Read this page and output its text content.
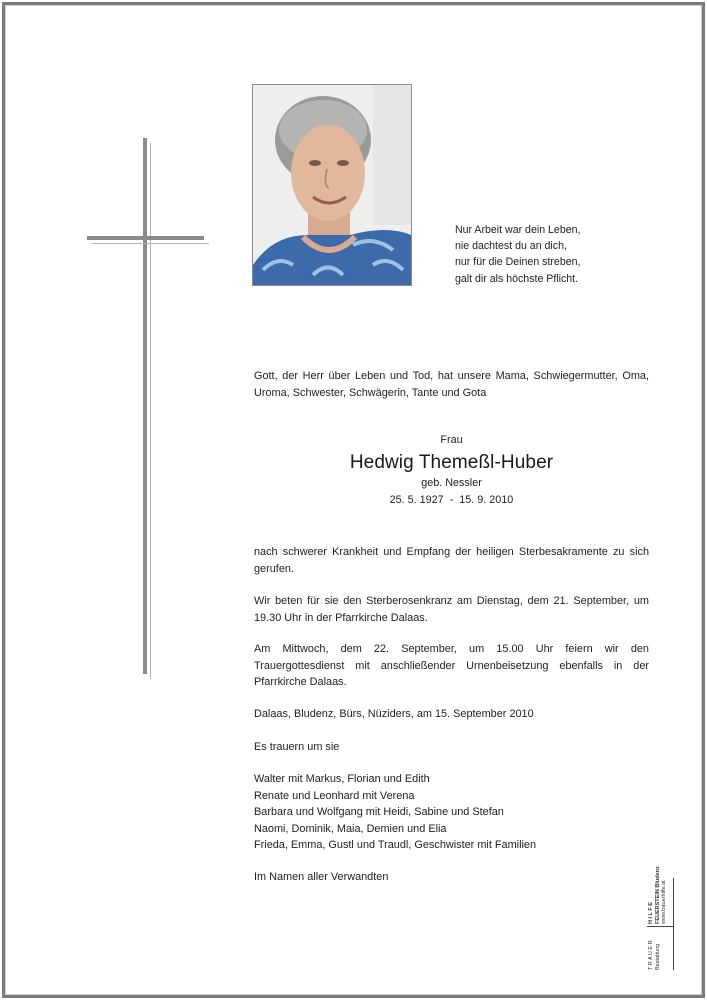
Nur Arbeit war dein Leben,
nie dachtest du an dich,
nur für die Deinen streben,
galt dir als höchste Pflicht.
Gott, der Herr über Leben und Tod, hat unsere Mama, Schwiegermutter, Oma, Uroma, Schwester, Schwägerin, Tante und Gota
Frau
Hedwig Themeßl-Huber
geb. Nessler
25. 5. 1927  -  15. 9. 2010
nach schwerer Krankheit und Empfang der heiligen Sterbesakramente zu sich gerufen.
Wir beten für sie den Sterberosenkranz am Dienstag, dem 21. September, um 19.30 Uhr in der Pfarrkirche Dalaas.
Am Mittwoch, dem 22. September, um 15.00 Uhr feiern wir den Trauergottesdienst mit anschließender Urnenbeisetzung ebenfalls in der Pfarrkirche Dalaas.
Dalaas, Bludenz, Bürs, Nüziders, am 15. September 2010
Es trauern um sie
Walter mit Markus, Florian und Edith
Renate und Leonhard mit Verena
Barbara und Wolfgang mit Heidi, Sabine und Stefan
Naomi, Dominik, Maia, Demien und Elia
Frieda, Emma, Gustl und Traudl, Geschwister mit Familien
Im Namen aller Verwandten
T R A U E R Bestattung
H I L F E FEUERSTEIN Bludenz www.trauerhilfe.at
